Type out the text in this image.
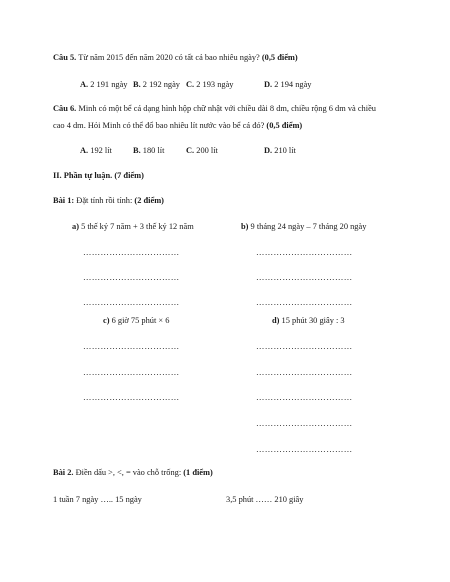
Câu 5. Từ năm 2015 đến năm 2020 có tất cả bao nhiêu ngày? (0,5 điểm)
A. 2 191 ngày B. 2 192 ngày C. 2 193 ngày	D. 2 194 ngày
Câu 6. Minh có một bể cá dạng hình hộp chữ nhật với chiều dài 8 dm, chiều rộng 6 dm và chiều
cao 4 dm. Hỏi Minh có thể đổ bao nhiêu lít nước vào bể cá đó? (0,5 điểm)
A. 192 lít	B. 180 lít	C. 200 lít	D. 210 lít
II. Phần tự luận. (7 điểm)
Bài 1: Đặt tính rồi tính: (2 điểm)
a) 5 thế kỷ 7 năm + 3 thế kỷ 12 năm	b) 9 tháng 24 ngày – 7 tháng 20 ngày
……………………………
……………………………
……………………………
……………………………
……………………………
……………………………
c) 6 giờ 75 phút × 6	d) 15 phút 30 giây : 3
……………………………
……………………………
……………………………
……………………………
……………………………
……………………………
……………………………
……………………………
Bài 2. Điền dấu >, <, = vào chỗ trống: (1 điểm)
1 tuần 7 ngày ….. 15 ngày	3,5 phút …… 210 giây
